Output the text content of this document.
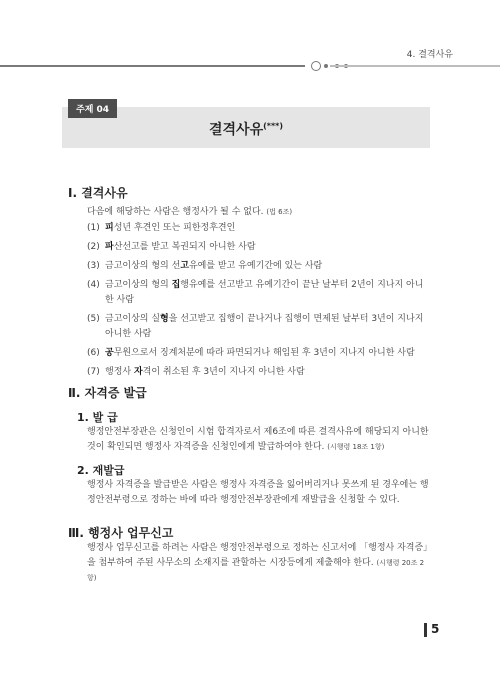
4. 결격사유
주제 04
결격사유(***)
Ⅰ. 결격사유
다음에 해당하는 사람은 행정사가 될 수 없다. (법 6조)
(1) 피성년 후견인 또는 피한정후견인
(2) 파산선고를 받고 복권되지 아니한 사람
(3) 금고이상의 형의 선고유예를 받고 유예기간에 있는 사람
(4) 금고이상의 형의 집행유예를 선고받고 유예기간이 끝난 날부터 2년이 지나지 아니한 사람
(5) 금고이상의 실형을 선고받고 집행이 끝나거나 집행이 면제된 날부터 3년이 지나지 아니한 사람
(6) 공무원으로서 징계처분에 따라 파면되거나 해임된 후 3년이 지나지 아니한 사람
(7) 행정사 자격이 취소된 후 3년이 지나지 아니한 사람
Ⅱ. 자격증 발급
1. 발 급
행정안전부장관은 신청인이 시험 합격자로서 제6조에 따른 결격사유에 해당되지 아니한 것이 확인되면 행정사 자격증을 신청인에게 발급하여야 한다. (시행령 18조 1항)
2. 재발급
행정사 자격증을 발급받은 사람은 행정사 자격증을 잃어버리거나 못쓰게 된 경우에는 행정안전부령으로 정하는 바에 따라 행정안전부장관에게 재발급을 신청할 수 있다.
Ⅲ. 행정사 업무신고
행정사 업무신고를 하려는 사람은 행정안전부령으로 정하는 신고서에 「행정사 자격증」을 첨부하여 주된 사무소의 소재지를 관할하는 시장등에게 제출해야 한다. (시행령 20조 2항)
5
